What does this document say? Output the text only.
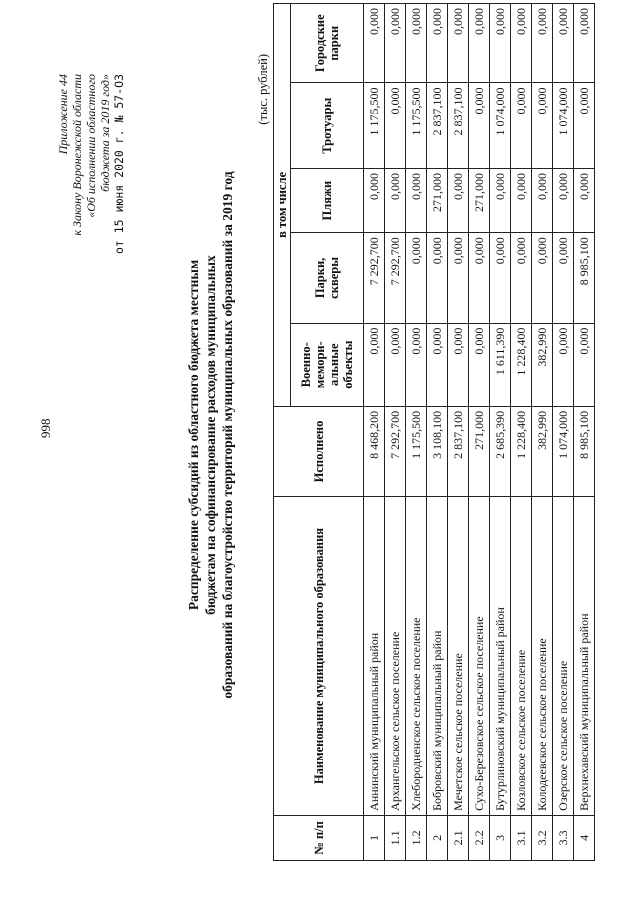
998
Приложение 44 к Закону Воронежской области «Об исполнении областного бюджета за 2019 год» от 15 июня 2020 г. № 57-ОЗ
Распределение субсидий из областного бюджета местным бюджетам на софинансирование расходов муниципальных образований на благоустройство территорий муниципальных образований за 2019 год
(тыс. рублей)
№ п/п	Наименование муниципального образования	Исполнено	в том числе				
			Военно-мемори-альные объекты	Парки, скверы	Пляжи	Тротуары	Городские парки
1	Аннинский муниципальный район	8 468,200	0,000	7 292,700	0,000	1 175,500	0,000
1.1	Архангельское сельское поселение	7 292,700	0,000	7 292,700	0,000	0,000	0,000
1.2	Хлебородненское сельское поселение	1 175,500	0,000	0,000	0,000	1 175,500	0,000
2	Бобровский муниципальный район	3 108,100	0,000	0,000	271,000	2 837,100	0,000
2.1	Мечетское сельское поселение	2 837,100	0,000	0,000	0,000	2 837,100	0,000
2.2	Сухо-Березовское сельское поселение	271,000	0,000	0,000	271,000	0,000	0,000
3	Бутурлиновский муниципальный район	2 685,390	1 611,390	0,000	0,000	1 074,000	0,000
3.1	Козловское сельское поселение	1 228,400	1 228,400	0,000	0,000	0,000	0,000
3.2	Колодеевское сельское поселение	382,990	382,990	0,000	0,000	0,000	0,000
3.3	Озерское сельское поселение	1 074,000	0,000	0,000	0,000	1 074,000	0,000
4	Верхнехавский муниципальный район	8 985,100	0,000	8 985,100	0,000	0,000	0,000
